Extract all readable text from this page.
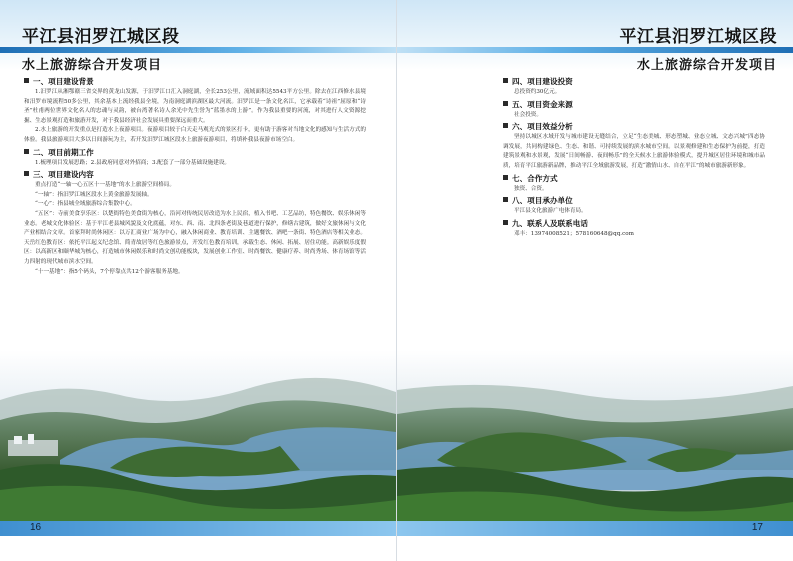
平江县汨罗江城区段
水上旅游综合开发项目
一、项目建设背景

1.汨罗江从湘鄂赣三省交界的黄龙山发源，于汨罗江口汇入洞庭湖，全长253公里，流域面积达5543平方公里。除去在江西修水县境和汨罗市境流程50多公里，其余基本上流经我县全境，为南洞庭湖滨湖区最大河流。汨罗江是一条文化名江，它承载着“诗祖”屈原和“诗圣”杜甫两位世界文化名人的忠魂与灵韵，被台湾著名诗人余光中先生誉为“蓝墨水的上游”。作为我县重要的河流，对其进行人文资源挖掘、生态景观打造和旅游开发，对于我县经济社会发展具重要深远而重大。

2.水上旅游的开发重点是打造水上夜游项目。夜游项目较于白天走马观光式的景区打卡，更有助于游客对当地文化的感知与生活方式的体验。我县旅游项目大多以日间游玩为主，若开发汨罗江城区段水上旅游夜游项目，将填补我县夜游市场空白。

二、项目前期工作

1.梳理项目发展思路；2.县政府同意对外招商；3.配套了一部分基础设施建设。

三、项目建设内容

重点打造“一轴一心五区十一基地”的水上旅游空间格局。

“一轴”：指汨罗江城区段水上黄金旅游发展轴。

“一心”：指县城全域旅游综合集散中心。

“五区”：寺前美食享乐区：以楚衙特色美食街为核心，沿河对传统民居改造为水上民宿，植入书吧、工艺品坊，特色餐饮、娱乐休闲等业态。老城文化体验区：基于平江老县城风貌及文化底蕴，对东、西、南、北四条老街及巷道进行保护，修缮古建筑，做好文旅休闲与文化产业相结合文章。首家拜时尚休闲区：以万汇商业广场为中心，融入休闲商业、教育培训、主题餐饮、酒吧一条街、特色酒店等相关业态。天岳红色教育区：依托平江起义纪念馆、简青故居等红色旅游景点，开发红色教育培训，承载生态、休闲、拓展、居住功能。高新娱乐度假区：以高新区和颐华城为核心，打造城市休闲娱乐和时尚文创功能板块，发展创业工作室、时尚餐饮、健康疗养、时尚秀场、体育场馆等活力四射的现代城市滨水空间。

“十一基地”：指5个码头，7个停靠点共12个游客服务基地。

16
平江县汨罗江城区段
水上旅游综合开发项目
四、项目建设投资

总投资约30亿元。

五、项目资金来源

社会投资。

六、项目效益分析

坚持以城区水域开发与城市建设无缝结合，立足“生态美城、形态塑城、业态立城、文态兴城”四态协调发展，共同构建绿色、生态、和谐、可持续发展的滨水城市空间。以景观修建和生态保护为前提，打造建筑景观和水景观，发展“日间畅游、夜间畅乐”的全天候水上旅游体验模式，提升城区居住环境和城市品质，培育平江旅游新品牌，推动平江全域旅游发展，打造“激情山水、自在平江”的城市旅游新形象。

七、合作方式

独资、合资。

八、项目承办单位

平江县文化旅游广电体育局。

九、联系人及联系电话

邓丰：13974008521；578160648@qq.com

17
